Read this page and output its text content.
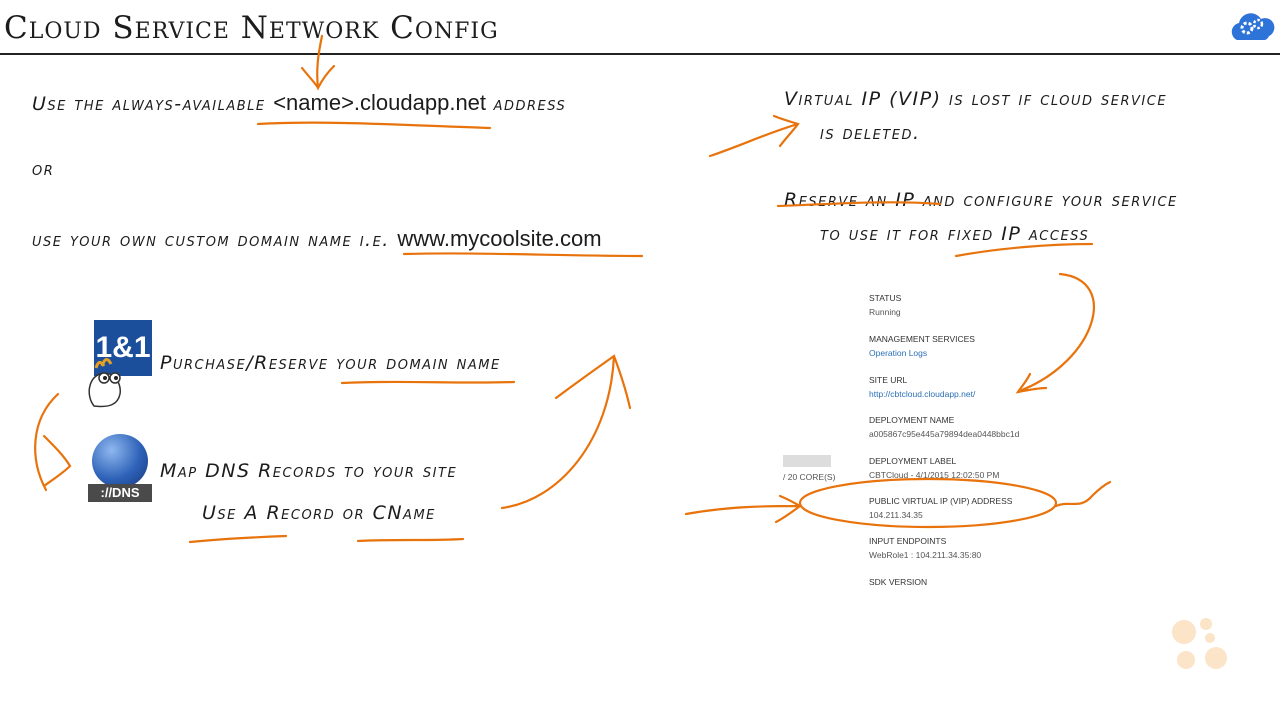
Cloud Service Network Config
Use the always-available <name>.cloudapp.net address
or
use your own custom domain name i.e. www.mycoolsite.com
1&1 Purchase/Reserve your domain name
://DNS
Map DNS Records to your site
Use A Record or CName
Virtual IP (VIP) is lost if cloud service
is deleted.
Reserve an IP and configure your service
to use it for fixed IP access
STATUS
Running
MANAGEMENT SERVICES
Operation Logs
SITE URL
http://cbtcloud.cloudapp.net/
DEPLOYMENT NAME
a005867c95e445a79894dea0448bbc1d
DEPLOYMENT LABEL
CBTCloud - 4/1/2015 12:02:50 PM
/ 20 CORE(S)
PUBLIC VIRTUAL IP (VIP) ADDRESS
104.211.34.35
INPUT ENDPOINTS
WebRole1 : 104.211.34.35:80
SDK VERSION
